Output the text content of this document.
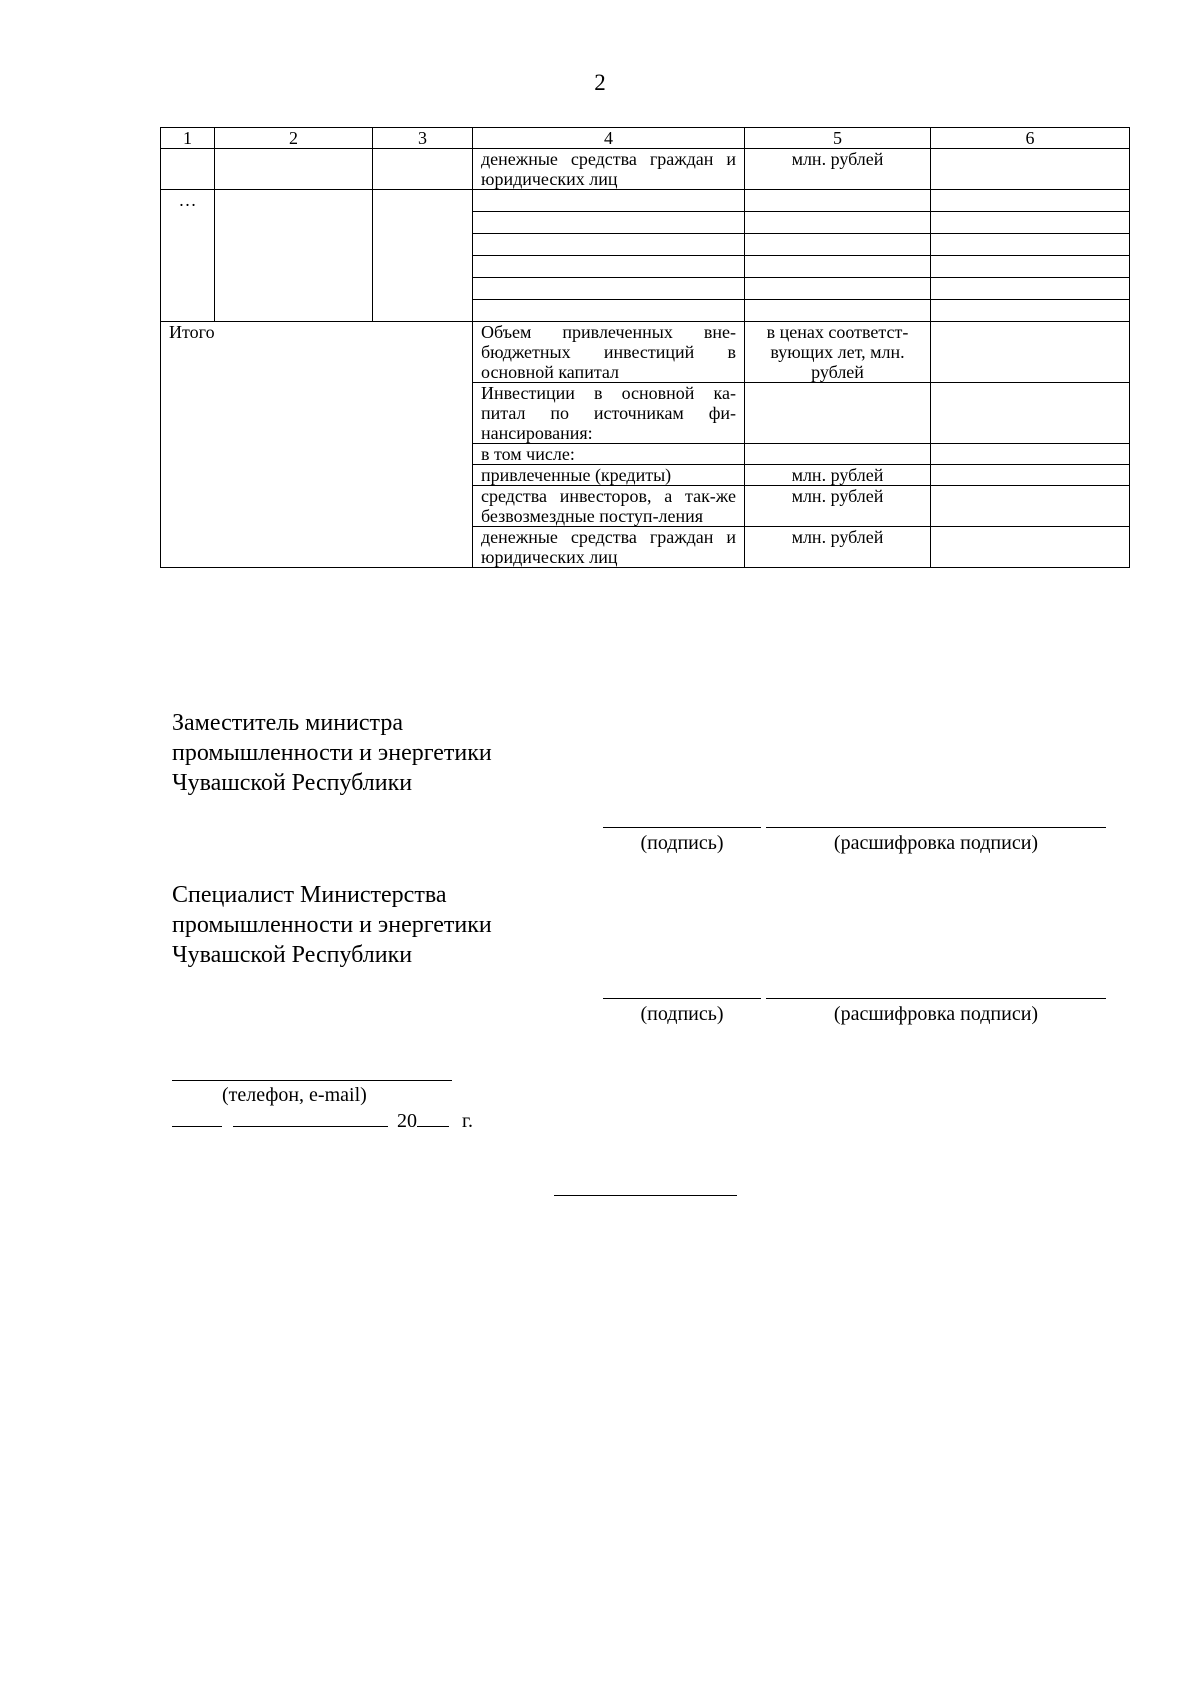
2
1	2	3	4	5	6
			денежные средства граждан и юридических лиц	млн. рублей	
…					

Итого			Объем привлеченных вне-бюджетных инвестиций в основной капитал	в ценах соответст-вующих лет, млн. рублей	
			Инвестиции в основной ка-питал по источникам фи-нансирования:		
			в том числе:		
			привлеченные (кредиты)	млн. рублей	
			средства инвесторов, а так-же безвозмездные поступ-ления	млн. рублей	
			денежные средства граждан и юридических лиц	млн. рублей	
Заместитель министра
промышленности и энергетики
Чувашской Республики
(подпись)	(расшифровка подписи)
Специалист Министерства
промышленности и энергетики
Чувашской Республики
(подпись)	(расшифровка подписи)
(телефон, e-mail)
20 г.
